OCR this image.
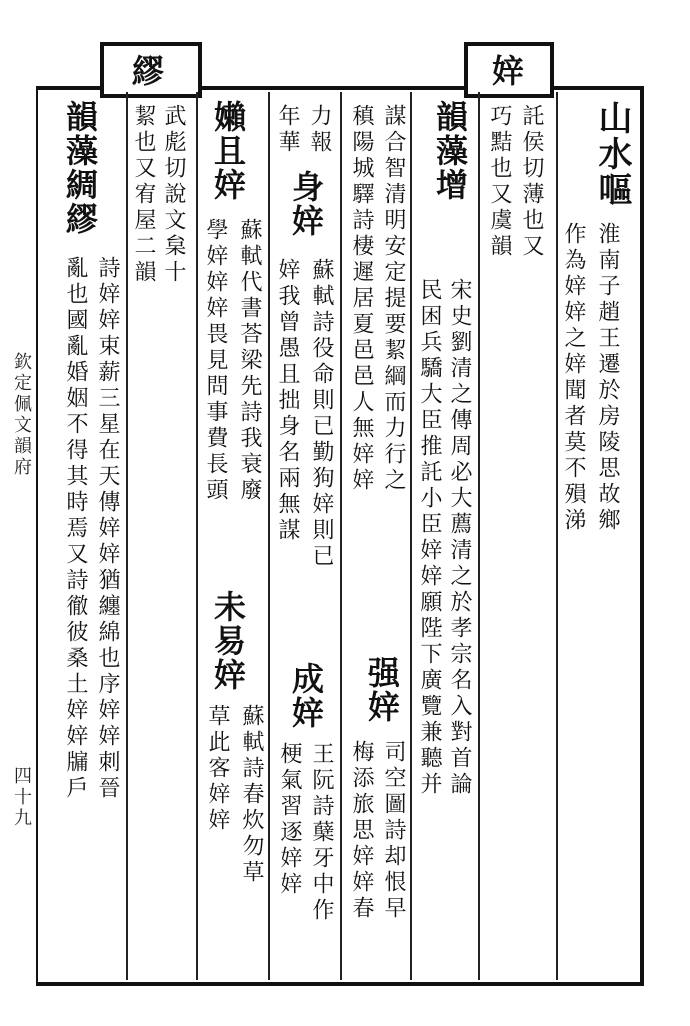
㛙
繆
山水嘔
淮南子趙王遷於房陵思故鄉
作為㛙㛙之㛙聞者莫不殞涕
託侯切薄也又
巧黠也又虞韻
韻藻增
宋史劉清之傳周必大薦清之於孝宗名入對首論
民困兵驕大臣推託小臣㛙㛙願陛下廣覽兼聽并
謀合智清明安定提要絜綱而力行之
稹陽城驛詩棲遲居夏邑邑人無㛙㛙
强㛙
司空圖詩却恨早
梅添旅思㛙㛙春
力報
身㛙
蘇軾詩役命則已勤狗㛙則已
年華
㛙我曾愚且拙身名兩無謀
成㛙
王阮詩蘖牙中作
梗氣習逐㛙㛙
嬾且㛙
蘇軾代書荅梁先詩我衰廢
學㛙㛙㛙畏見問事費長頭
未易㛙
蘇軾詩春炊勿草
草此客㛙㛙
武彪切說文枲十
絜也又宥屋二韻
韻藻綢繆
詩㛙㛙束薪三星在天傳㛙㛙猶纏綿也序㛙㛙刺晉
亂也國亂婚姻不得其時焉又詩徹彼桑土㛙㛙牖戶
欽定佩文韻府
四十九
